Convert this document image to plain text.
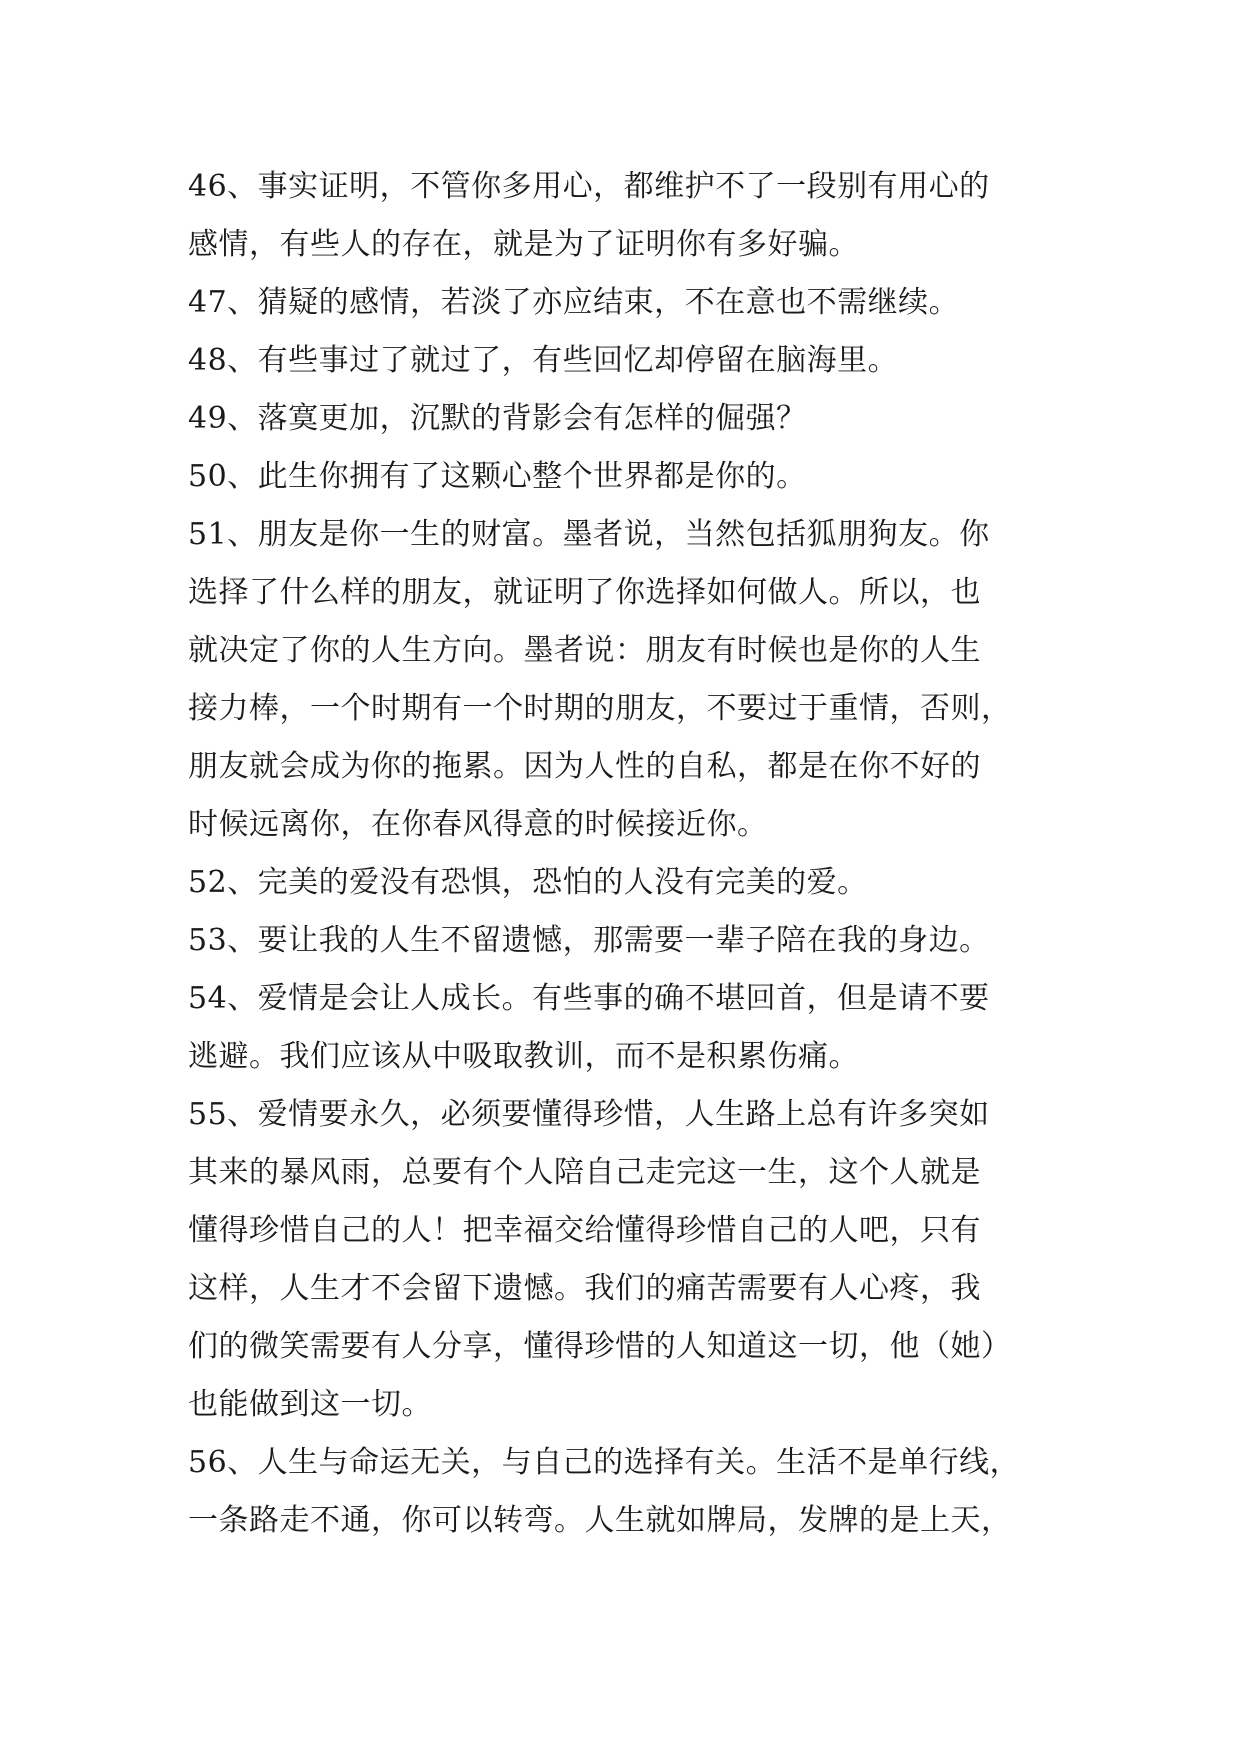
46、事实证明，不管你多用心，都维护不了一段别有用心的
感情，有些人的存在，就是为了证明你有多好骗。
47、猜疑的感情，若淡了亦应结束，不在意也不需继续。
48、有些事过了就过了，有些回忆却停留在脑海里。
49、落寞更加，沉默的背影会有怎样的倔强？
50、此生你拥有了这颗心整个世界都是你的。
51、朋友是你一生的财富。墨者说，当然包括狐朋狗友。你
选择了什么样的朋友，就证明了你选择如何做人。所以，也
就决定了你的人生方向。墨者说：朋友有时候也是你的人生
接力棒，一个时期有一个时期的朋友，不要过于重情，否则，
朋友就会成为你的拖累。因为人性的自私，都是在你不好的
时候远离你，在你春风得意的时候接近你。
52、完美的爱没有恐惧，恐怕的人没有完美的爱。
53、要让我的人生不留遗憾，那需要一辈子陪在我的身边。
54、爱情是会让人成长。有些事的确不堪回首，但是请不要
逃避。我们应该从中吸取教训，而不是积累伤痛。
55、爱情要永久，必须要懂得珍惜，人生路上总有许多突如
其来的暴风雨，总要有个人陪自己走完这一生，这个人就是
懂得珍惜自己的人！把幸福交给懂得珍惜自己的人吧，只有
这样，人生才不会留下遗憾。我们的痛苦需要有人心疼，我
们的微笑需要有人分享，懂得珍惜的人知道这一切，他（她）
也能做到这一切。
56、人生与命运无关，与自己的选择有关。生活不是单行线，
一条路走不通，你可以转弯。人生就如牌局，发牌的是上天，
